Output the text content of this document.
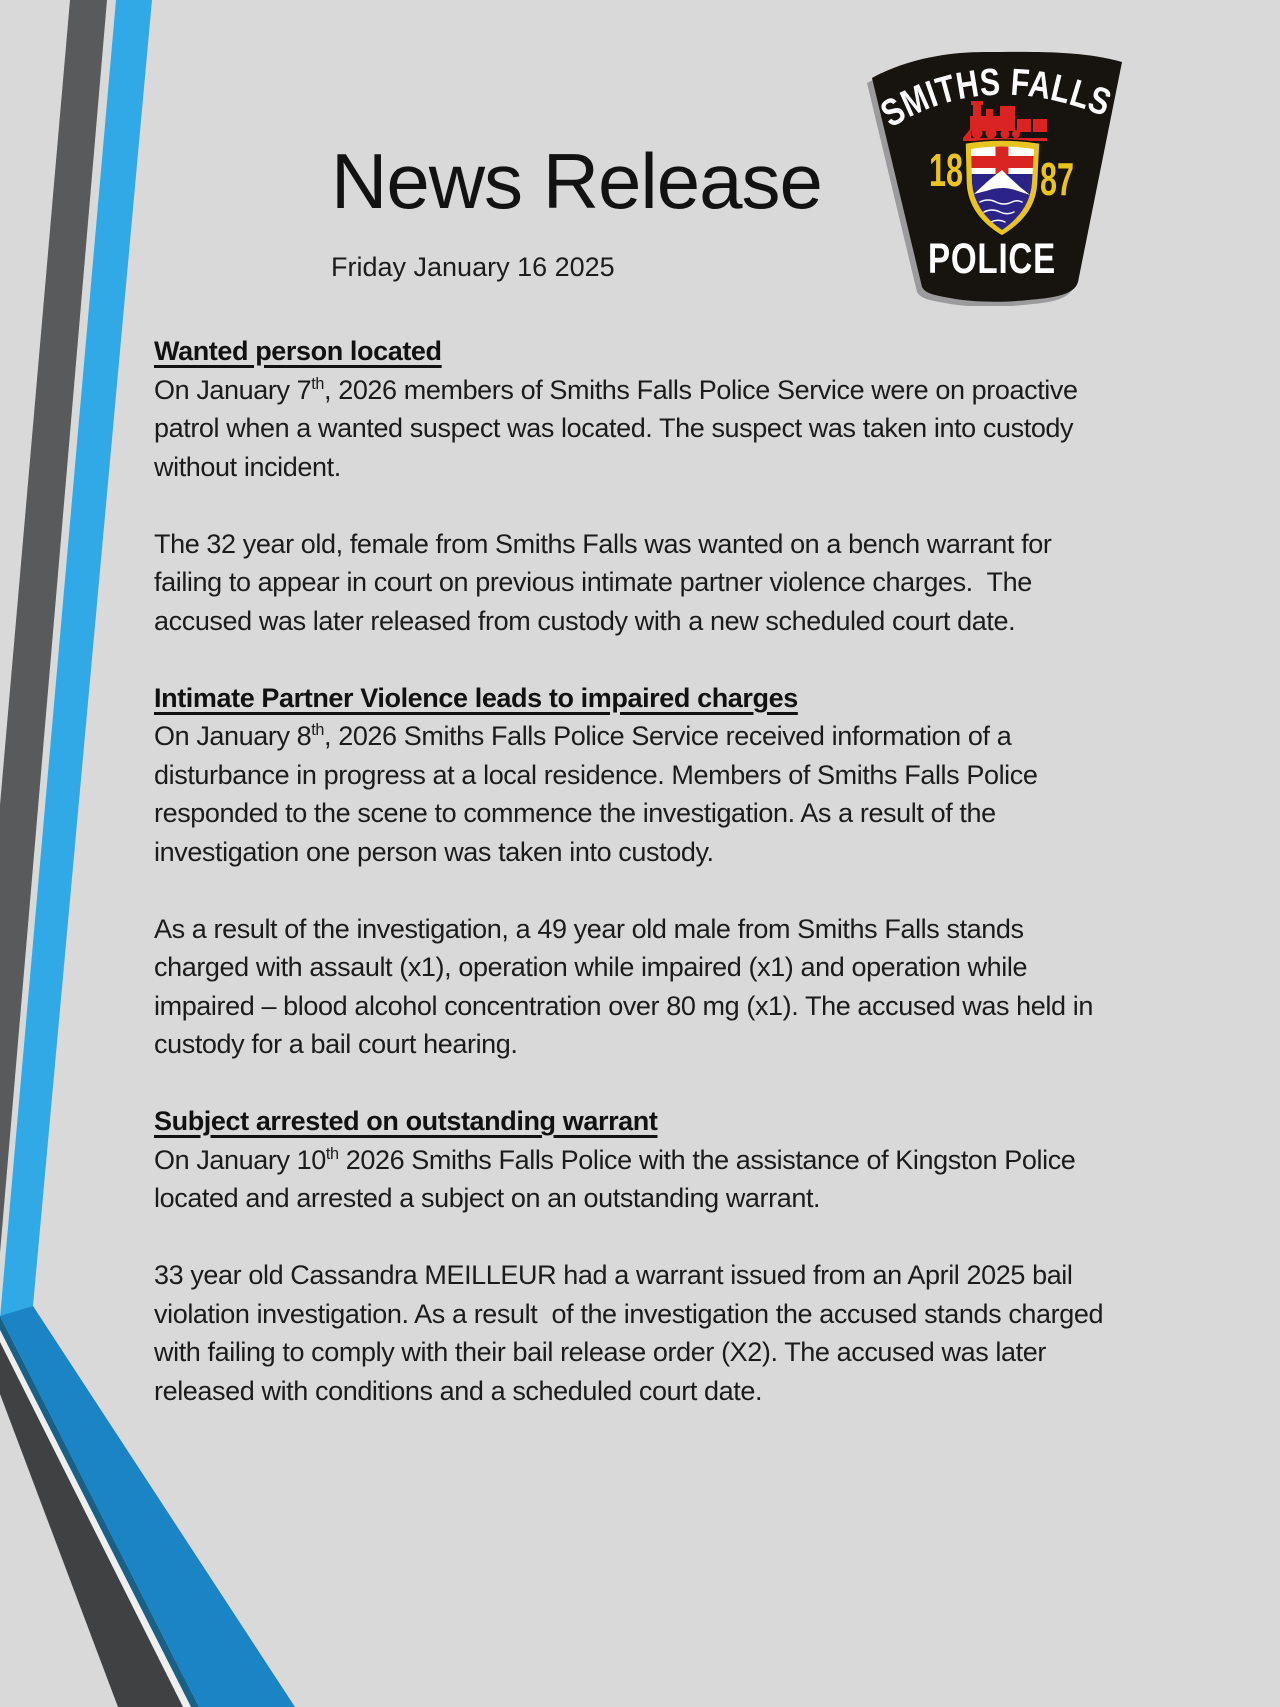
News Release
Friday January 16 2025
SMITHS FALLS
18 87
POLICE
Wanted person located

On January 7th, 2026 members of Smiths Falls Police Service were on proactive
patrol when a wanted suspect was located. The suspect was taken into custody
without incident.

The 32 year old, female from Smiths Falls was wanted on a bench warrant for
failing to appear in court on previous intimate partner violence charges.  The
accused was later released from custody with a new scheduled court date.

Intimate Partner Violence leads to impaired charges

On January 8th, 2026 Smiths Falls Police Service received information of a
disturbance in progress at a local residence. Members of Smiths Falls Police
responded to the scene to commence the investigation. As a result of the
investigation one person was taken into custody.

As a result of the investigation, a 49 year old male from Smiths Falls stands
charged with assault (x1), operation while impaired (x1) and operation while
impaired – blood alcohol concentration over 80 mg (x1). The accused was held in
custody for a bail court hearing.

Subject arrested on outstanding warrant

On January 10th 2026 Smiths Falls Police with the assistance of Kingston Police
located and arrested a subject on an outstanding warrant.

33 year old Cassandra MEILLEUR had a warrant issued from an April 2025 bail
violation investigation. As a result  of the investigation the accused stands charged
with failing to comply with their bail release order (X2). The accused was later
released with conditions and a scheduled court date.
